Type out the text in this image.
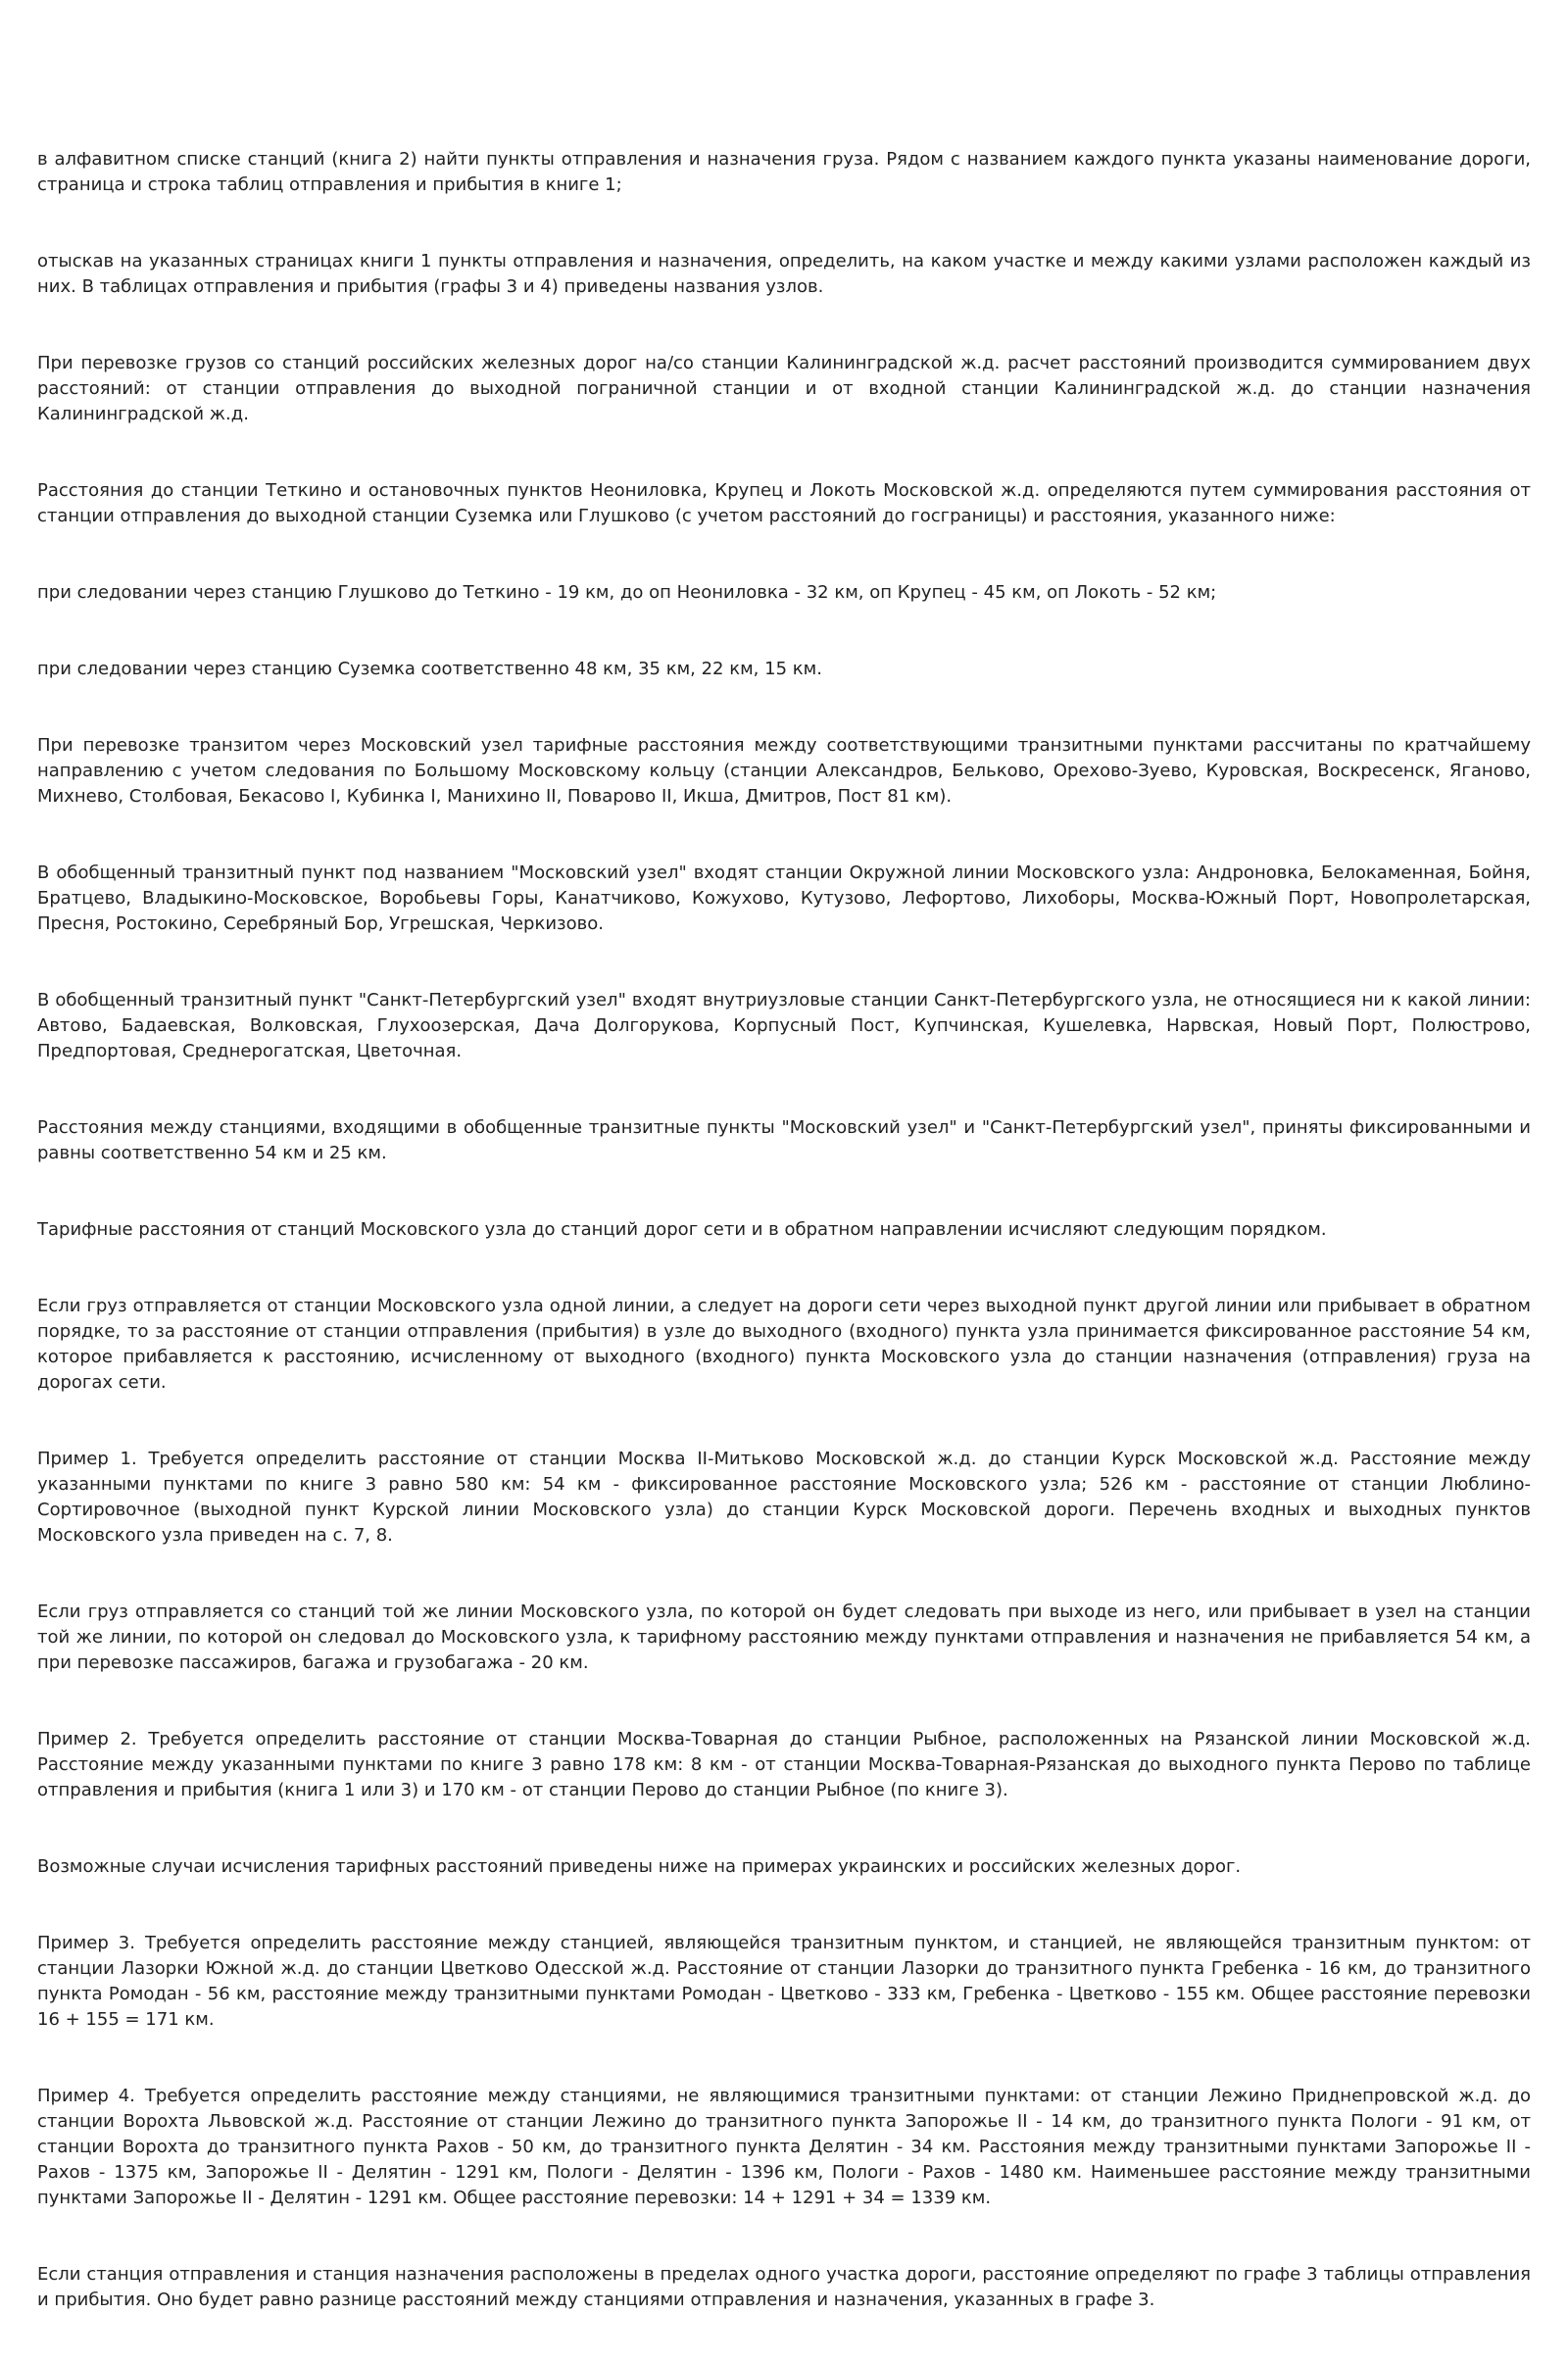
в алфавитном списке станций (книга 2) найти пункты отправления и назначения груза. Рядом с названием каждого пункта указаны наименование дороги, страница и строка таблиц отправления и прибытия в книге 1;

отыскав на указанных страницах книги 1 пункты отправления и назначения, определить, на каком участке и между какими узлами расположен каждый из них. В таблицах отправления и прибытия (графы 3 и 4) приведены названия узлов.

При перевозке грузов со станций российских железных дорог на/со станции Калининградской ж.д. расчет расстояний производится суммированием двух расстояний: от станции отправления до выходной пограничной станции и от входной станции Калининградской ж.д. до станции назначения Калининградской ж.д.

Расстояния до станции Теткино и остановочных пунктов Неониловка, Крупец и Локоть Московской ж.д. определяются путем суммирования расстояния от станции отправления до выходной станции Суземка или Глушково (с учетом расстояний до госграницы) и расстояния, указанного ниже:

при следовании через станцию Глушково до Теткино - 19 км, до оп Неониловка - 32 км, оп Крупец - 45 км, оп Локоть - 52 км;

при следовании через станцию Суземка соответственно 48 км, 35 км, 22 км, 15 км.

При перевозке транзитом через Московский узел тарифные расстояния между соответствующими транзитными пунктами рассчитаны по кратчайшему направлению с учетом следования по Большому Московскому кольцу (станции Александров, Бельково, Орехово-Зуево, Куровская, Воскресенск, Яганово, Михнево, Столбовая, Бекасово I, Кубинка I, Манихино II, Поварово II, Икша, Дмитров, Пост 81 км).

В обобщенный транзитный пункт под названием "Московский узел" входят станции Окружной линии Московского узла: Андроновка, Белокаменная, Бойня, Братцево, Владыкино-Московское, Воробьевы Горы, Канатчиково, Кожухово, Кутузово, Лефортово, Лихоборы, Москва-Южный Порт, Новопролетарская, Пресня, Ростокино, Серебряный Бор, Угрешская, Черкизово.

В обобщенный транзитный пункт "Санкт-Петербургский узел" входят внутриузловые станции Санкт-Петербургского узла, не относящиеся ни к какой линии: Автово, Бадаевская, Волковская, Глухоозерская, Дача Долгорукова, Корпусный Пост, Купчинская, Кушелевка, Нарвская, Новый Порт, Полюстрово, Предпортовая, Среднерогатская, Цветочная.

Расстояния между станциями, входящими в обобщенные транзитные пункты "Московский узел" и "Санкт-Петербургский узел", приняты фиксированными и равны соответственно 54 км и 25 км.

Тарифные расстояния от станций Московского узла до станций дорог сети и в обратном направлении исчисляют следующим порядком.

Если груз отправляется от станции Московского узла одной линии, а следует на дороги сети через выходной пункт другой линии или прибывает в обратном порядке, то за расстояние от станции отправления (прибытия) в узле до выходного (входного) пункта узла принимается фиксированное расстояние 54 км, которое прибавляется к расстоянию, исчисленному от выходного (входного) пункта Московского узла до станции назначения (отправления) груза на дорогах сети.

Пример 1. Требуется определить расстояние от станции Москва II-Митьково Московской ж.д. до станции Курск Московской ж.д. Расстояние между указанными пунктами по книге 3 равно 580 км: 54 км - фиксированное расстояние Московского узла; 526 км - расстояние от станции Люблино-Сортировочное (выходной пункт Курской линии Московского узла) до станции Курск Московской дороги. Перечень входных и выходных пунктов Московского узла приведен на с. 7, 8.

Если груз отправляется со станций той же линии Московского узла, по которой он будет следовать при выходе из него, или прибывает в узел на станции той же линии, по которой он следовал до Московского узла, к тарифному расстоянию между пунктами отправления и назначения не прибавляется 54 км, а при перевозке пассажиров, багажа и грузобагажа - 20 км.

Пример 2. Требуется определить расстояние от станции Москва-Товарная до станции Рыбное, расположенных на Рязанской линии Московской ж.д. Расстояние между указанными пунктами по книге 3 равно 178 км: 8 км - от станции Москва-Товарная-Рязанская до выходного пункта Перово по таблице отправления и прибытия (книга 1 или 3) и 170 км - от станции Перово до станции Рыбное (по книге 3).

Возможные случаи исчисления тарифных расстояний приведены ниже на примерах украинских и российских железных дорог.

Пример 3. Требуется определить расстояние между станцией, являющейся транзитным пунктом, и станцией, не являющейся транзитным пунктом: от станции Лазорки Южной ж.д. до станции Цветково Одесской ж.д. Расстояние от станции Лазорки до транзитного пункта Гребенка - 16 км, до транзитного пункта Ромодан - 56 км, расстояние между транзитными пунктами Ромодан - Цветково - 333 км, Гребенка - Цветково - 155 км. Общее расстояние перевозки 16 + 155 = 171 км.

Пример 4. Требуется определить расстояние между станциями, не являющимися транзитными пунктами: от станции Лежино Приднепровской ж.д. до станции Ворохта Львовской ж.д. Расстояние от станции Лежино до транзитного пункта Запорожье II - 14 км, до транзитного пункта Пологи - 91 км, от станции Ворохта до транзитного пункта Рахов - 50 км, до транзитного пункта Делятин - 34 км. Расстояния между транзитными пунктами Запорожье II - Рахов - 1375 км, Запорожье II - Делятин - 1291 км, Пологи - Делятин - 1396 км, Пологи - Рахов - 1480 км. Наименьшее расстояние между транзитными пунктами Запорожье II - Делятин - 1291 км. Общее расстояние перевозки: 14 + 1291 + 34 = 1339 км.

Если станция отправления и станция назначения расположены в пределах одного участка дороги, расстояние определяют по графе 3 таблицы отправления и прибытия. Оно будет равно разнице расстояний между станциями отправления и назначения, указанных в графе 3.
